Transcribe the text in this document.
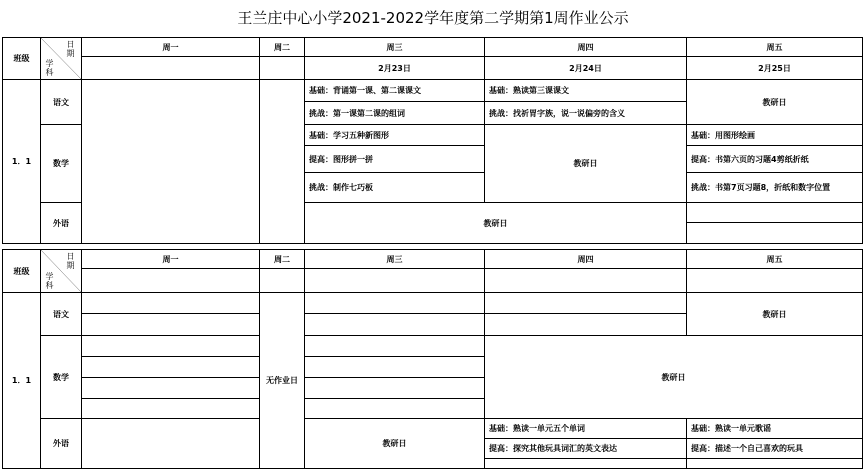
王兰庄中心小学2021-2022学年度第二学期第1周作业公示
班级	日期
学科	周一	周二	周三	周四	周五
				2月23日	2月24日	2月25日
1．1	语文			基础：背诵第一课、第二课课文	基础：熟读第三课课文	教研日
				挑战：第一课第二课的组词	挑战：找祈胃字族，说一说偏旁的含义	
	数学			基础：学习五种新图形	教研日	基础：用图形绘画
				提高：图形拼一拼		提高：书第六页的习题4剪纸折纸
				挑战：制作七巧板		挑战：书第7页习题8，折纸和数字位置
	外语			教研日		

班级	日期
学科	周一	周二	周三	周四	周五

1．1	语文		无作业日			教研日

	数学				教研日	

	外语			教研日	基础：熟读一单元五个单词	基础：熟读一单元歌谣
					提高：探究其他玩具词汇的英文表达	提高：描述一个自己喜欢的玩具
